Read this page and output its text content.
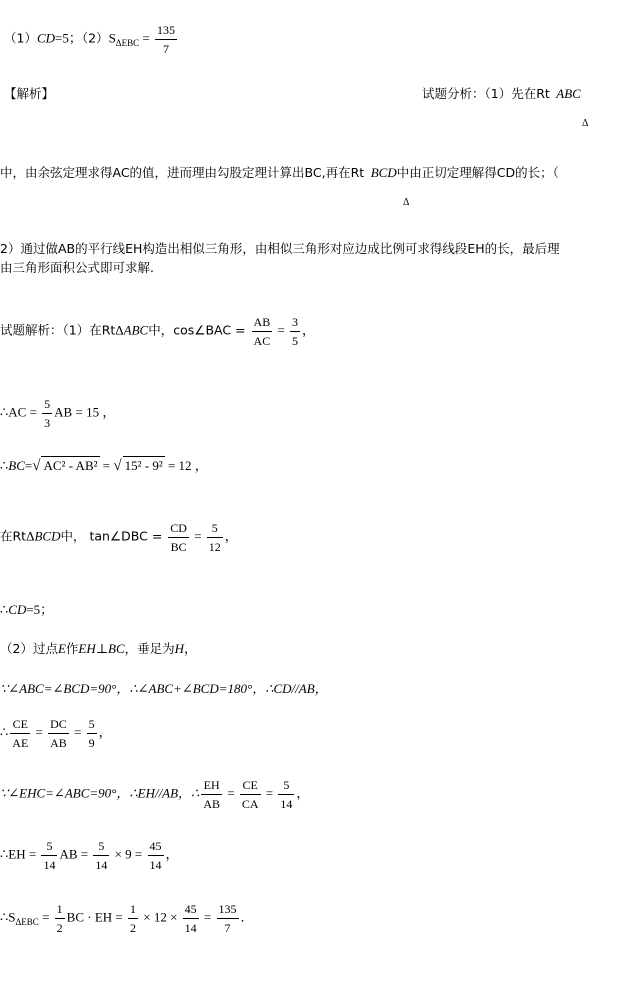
（1）CD=5；$(2)S_{\Delta EBC} = \frac{135}{7}$
【解析】	试题分析：（1）先在Rt ABC
Δ
中，由余弦定理求得AC的值，进而理由勾股定理计算出BC,再在Rt BCD中由正切定理解得CD的长；（
Δ
2）通过做AB的平行线EH构造出相似三角形，由相似三角形对应边成比例可求得线段EH的长，最后理
由三角形面积公式即可求解.
试题解析：（1）在RtΔABC中，cos∠BAC = $\frac{AB}{AC} = \frac{3}{5}$ ，
∴AC = $\frac{5}{3}$ AB = 15 ，
∴BC=√ AC² - AB² = √ 15² - 9² = 12 ，
在RtΔBCD中， tan∠DBC = $\frac{CD}{BC} = \frac{5}{12}$ ，
∴CD=5；
（2）过点E作EH⊥BC，垂足为H，
∵∠ABC=∠BCD=90°，∴∠ABC+∠BCD=180°，∴CD//AB，
∴ $\frac{CE}{AE} = \frac{DC}{AB} = \frac{5}{9}$ ，
∵∠EHC=∠ABC=90°，∴EH//AB，∴ $\frac{EH}{AB} = \frac{CE}{CA} = \frac{5}{14}$ ，
∴EH = $\frac{5}{14}$ AB = $\frac{5}{14} \times 9 = \frac{45}{14}$ ，
$\therefore S_{\Delta EBC} = \frac{1}{2}$ BC · EH = $\frac{1}{2} \times 12 \times \frac{45}{14} = \frac{135}{7}$ ．
